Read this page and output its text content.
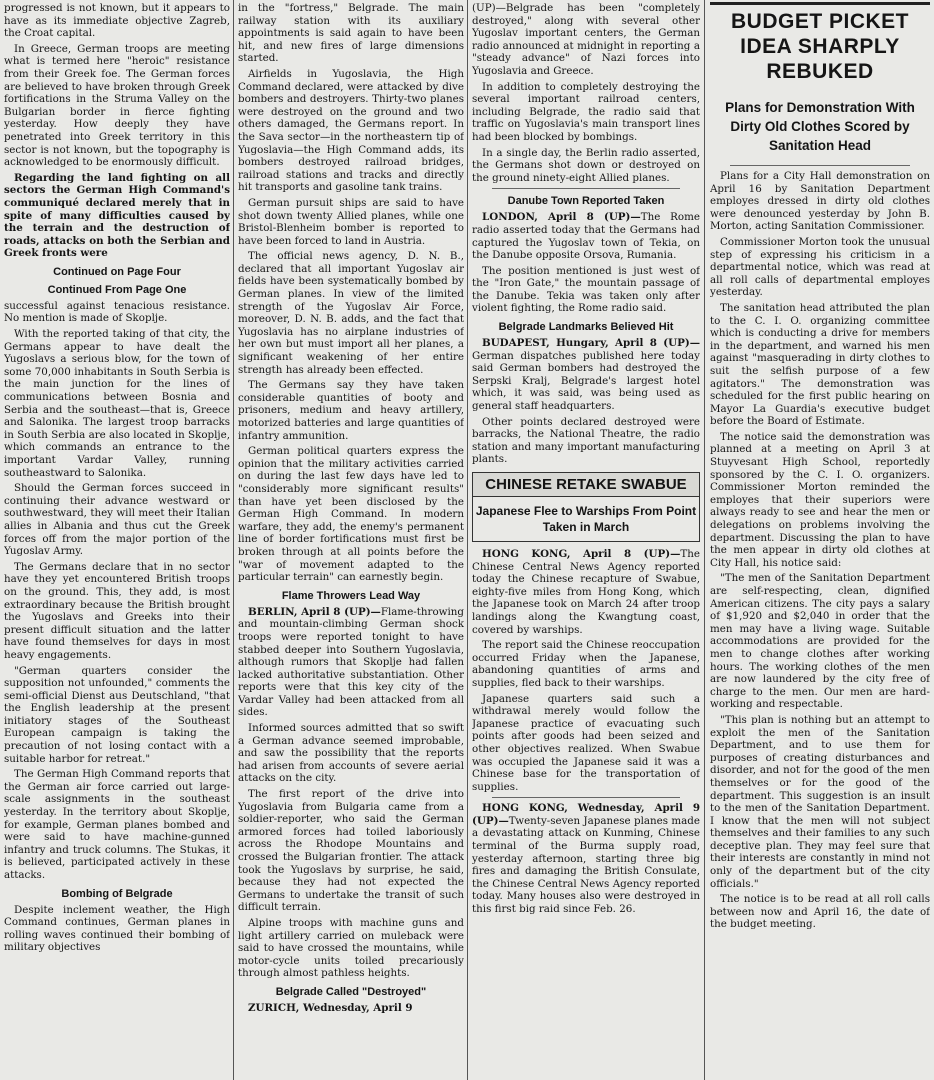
progressed is not known, but it appears to have as its immediate objective Zagreb, the Croat capital.

In Greece, German troops are meeting what is termed here "heroic" resistance from their Greek foe. The German forces are believed to have broken through Greek fortifications in the Struma Valley on the Bulgarian border in fierce fighting yesterday. How deeply they have penetrated into Greek territory in this sector is not known, but the topography is acknowledged to be enormously difficult.

Regarding the land fighting on all sectors the German High Command's communiqué declared merely that in spite of many difficulties caused by the terrain and the destruction of roads, attacks on both the Serbian and Greek fronts were

Continued on Page Four
Continued From Page One

successful against tenacious resistance. No mention is made of Skoplje.

With the reported taking of that city, the Germans appear to have dealt the Yugoslavs a serious blow, for the town of some 70,000 inhabitants in South Serbia is the main junction for the lines of communications between Bosnia and Serbia and the southeast—that is, Greece and Salonika. The largest troop barracks in South Serbia are also located in Skoplje, which commands an entrance to the important Vardar Valley, running southeastward to Salonika.

Should the German forces succeed in continuing their advance westward or southwestward, they will meet their Italian allies in Albania and thus cut the Greek forces off from the major portion of the Yugoslav Army.

The Germans declare that in no sector have they yet encountered British troops on the ground. This, they add, is most extraordinary because the British brought the Yugoslavs and Greeks into their present difficult situation and the latter have found themselves for days in most heavy engagements.

"German quarters consider the supposition not unfounded," comments the semi-official Dienst aus Deutschland, "that the English leadership at the present initiatory stages of the Southeast European campaign is taking the precaution of not losing contact with a suitable harbor for retreat."

The German High Command reports that the German air force carried out large-scale assignments in the southeast yesterday. In the territory about Skoplje, for example, German planes bombed and were said to have machine-gunned infantry and truck columns. The Stukas, it is believed, participated actively in these attacks.

Bombing of Belgrade

Despite inclement weather, the High Command continues, German planes in rolling waves continued their bombing of military objectives

in the "fortress," Belgrade. The main railway station with its auxiliary appointments is said again to have been hit, and new fires of large dimensions started.

Airfields in Yugoslavia, the High Command declared, were attacked by dive bombers and destroyers. Thirty-two planes were destroyed on the ground and two others damaged, the Germans report. In the Sava sector—in the northeastern tip of Yugoslavia—the High Command adds, its bombers destroyed railroad bridges, railroad stations and tracks and directly hit transports and gasoline tank trains.

German pursuit ships are said to have shot down twenty Allied planes, while one Bristol-Blenheim bomber is reported to have been forced to land in Austria.

The official news agency, D. N. B., declared that all important Yugoslav air fields have been systematically bombed by German planes. In view of the limited strength of the Yugoslav Air Force, moreover, D. N. B. adds, and the fact that Yugoslavia has no airplane industries of her own but must import all her planes, a significant weakening of her entire strength has already been effected.

The Germans say they have taken considerable quantities of booty and prisoners, medium and heavy artillery, motorized batteries and large quantities of infantry ammunition.

German political quarters express the opinion that the military activities carried on during the last few days have led to "considerably more significant results" than have yet been disclosed by the German High Command. In modern warfare, they add, the enemy's permanent line of border fortifications must first be broken through at all points before the "war of movement adapted to the particular terrain" can earnestly begin.

Flame Throwers Lead Way

BERLIN, April 8 (UP)—Flame-throwing and mountain-climbing German shock troops were reported tonight to have stabbed deeper into Southern Yugoslavia, although rumors that Skoplje had fallen lacked authoritative substantiation. Other reports were that this key city of the Vardar Valley had been attacked from all sides.

Informed sources admitted that so swift a German advance seemed improbable, and saw the possibility that the reports had arisen from accounts of severe aerial attacks on the city.

The first report of the drive into Yugoslavia from Bulgaria came from a soldier-reporter, who said the German armored forces had toiled laboriously across the Rhodope Mountains and crossed the Bulgarian frontier. The attack took the Yugoslavs by surprise, he said, because they had not expected the Germans to undertake the transit of such difficult terrain.

Alpine troops with machine guns and light artillery carried on muleback were said to have crossed the mountains, while motor-cycle units toiled precariously through almost pathless heights.

Belgrade Called "Destroyed"

ZURICH, Wednesday, April 9

(UP)—Belgrade has been "completely destroyed," along with several other Yugoslav important centers, the German radio announced at midnight in reporting a "steady advance" of Nazi forces into Yugoslavia and Greece.

In addition to completely destroying the several important railroad centers, including Belgrade, the radio said that traffic on Yugoslavia's main transport lines had been blocked by bombings.

In a single day, the Berlin radio asserted, the Germans shot down or destroyed on the ground ninety-eight Allied planes.

Danube Town Reported Taken

LONDON, April 8 (UP)—The Rome radio asserted today that the Germans had captured the Yugoslav town of Tekia, on the Danube opposite Orsova, Rumania.

The position mentioned is just west of the "Iron Gate," the mountain passage of the Danube. Tekia was taken only after violent fighting, the Rome radio said.

Belgrade Landmarks Believed Hit

BUDAPEST, Hungary, April 8 (UP)—German dispatches published here today said German bombers had destroyed the Serpski Kralj, Belgrade's largest hotel which, it was said, was being used as general staff headquarters.

Other points declared destroyed were barracks, the National Theatre, the radio station and many important manufacturing plants.

CHINESE RETAKE SWABUE
Japanese Flee to Warships From Point Taken in March

HONG KONG, April 8 (UP)—The Chinese Central News Agency reported today the Chinese recapture of Swabue, eighty-five miles from Hong Kong, which the Japanese took on March 24 after troop landings along the Kwangtung coast, covered by warships.

The report said the Chinese reoccupation occurred Friday when the Japanese, abandoning quantities of arms and supplies, fled back to their warships.

Japanese quarters said such a withdrawal merely would follow the Japanese practice of evacuating such points after goods had been seized and other objectives realized. When Swabue was occupied the Japanese said it was a Chinese base for the transportation of supplies.

HONG KONG, Wednesday, April 9 (UP)—Twenty-seven Japanese planes made a devastating attack on Kunming, Chinese terminal of the Burma supply road, yesterday afternoon, starting three big fires and damaging the British Consulate, the Chinese Central News Agency reported today. Many houses also were destroyed in this first big raid since Feb. 26.

BUDGET PICKET IDEA SHARPLY REBUKED
Plans for Demonstration With Dirty Old Clothes Scored by Sanitation Head

Plans for a City Hall demonstration on April 16 by Sanitation Department employes dressed in dirty old clothes were denounced yesterday by John B. Morton, acting Sanitation Commissioner.

Commissioner Morton took the unusual step of expressing his criticism in a departmental notice, which was read at all roll calls of departmental employes yesterday.

The sanitation head attributed the plan to the C. I. O. organizing committee which is conducting a drive for members in the department, and warned his men against "masquerading in dirty clothes to suit the selfish purpose of a few agitators." The demonstration was scheduled for the first public hearing on Mayor La Guardia's executive budget before the Board of Estimate.

The notice said the demonstration was planned at a meeting on April 3 at Stuyvesant High School, reportedly sponsored by the C. I. O. organizers. Commissioner Morton reminded the employes that their superiors were always ready to see and hear the men or delegations on problems involving the department. Discussing the plan to have the men appear in dirty old clothes at City Hall, his notice said:

"The men of the Sanitation Department are self-respecting, clean, dignified American citizens. The city pays a salary of $1,920 and $2,040 in order that the men may have a living wage. Suitable accommodations are provided for the men to change clothes after working hours. The working clothes of the men are now laundered by the city free of charge to the men. Our men are hard-working and respectable.

"This plan is nothing but an attempt to exploit the men of the Sanitation Department, and to use them for purposes of creating disturbances and disorder, and not for the good of the men themselves or for the good of the department. This suggestion is an insult to the men of the Sanitation Department. I know that the men will not subject themselves and their families to any such deceptive plan. They may feel sure that their interests are constantly in mind not only of the department but of the city officials."

The notice is to be read at all roll calls between now and April 16, the date of the budget meeting.
